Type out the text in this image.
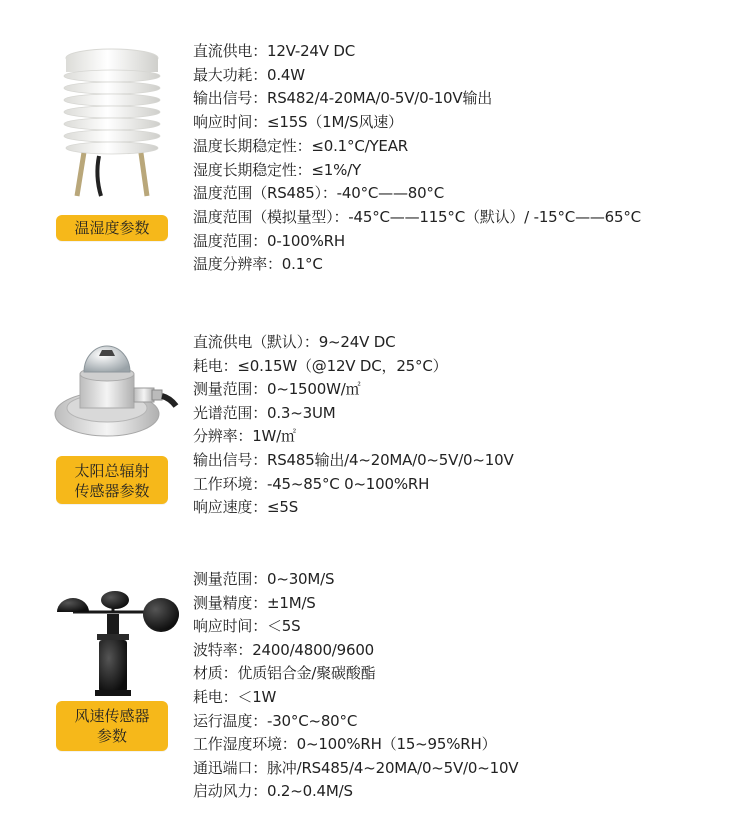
温湿度参数
直流供电：12V-24V DC
最大功耗：0.4W
输出信号：RS482/4-20MA/0-5V/0-10V输出
响应时间：≤15S（1M/S风速）
温度长期稳定性：≤0.1°C/YEAR
湿度长期稳定性：≤1%/Y
温度范围（RS485）：-40°C——80°C
温度范围（模拟量型）：-45°C——115°C（默认）/ -15°C——65°C
温度范围：0-100%RH
温度分辨率：0.1°C
太阳总辐射
传感器参数
直流供电（默认）：9~24V DC
耗电：≤0.15W（@12V DC，25°C）
测量范围：0~1500W/㎡
光谱范围：0.3~3UM
分辨率：1W/㎡
输出信号：RS485输出/4~20MA/0~5V/0~10V
工作环境：-45~85°C 0~100%RH
响应速度：≤5S
风速传感器
参数
测量范围：0~30M/S
测量精度：±1M/S
响应时间：＜5S
波特率：2400/4800/9600
材质：优质铝合金/聚碳酸酯
耗电：＜1W
运行温度：-30°C~80°C
工作湿度环境：0~100%RH（15~95%RH）
通迅端口：脉冲/RS485/4~20MA/0~5V/0~10V
启动风力：0.2~0.4M/S
